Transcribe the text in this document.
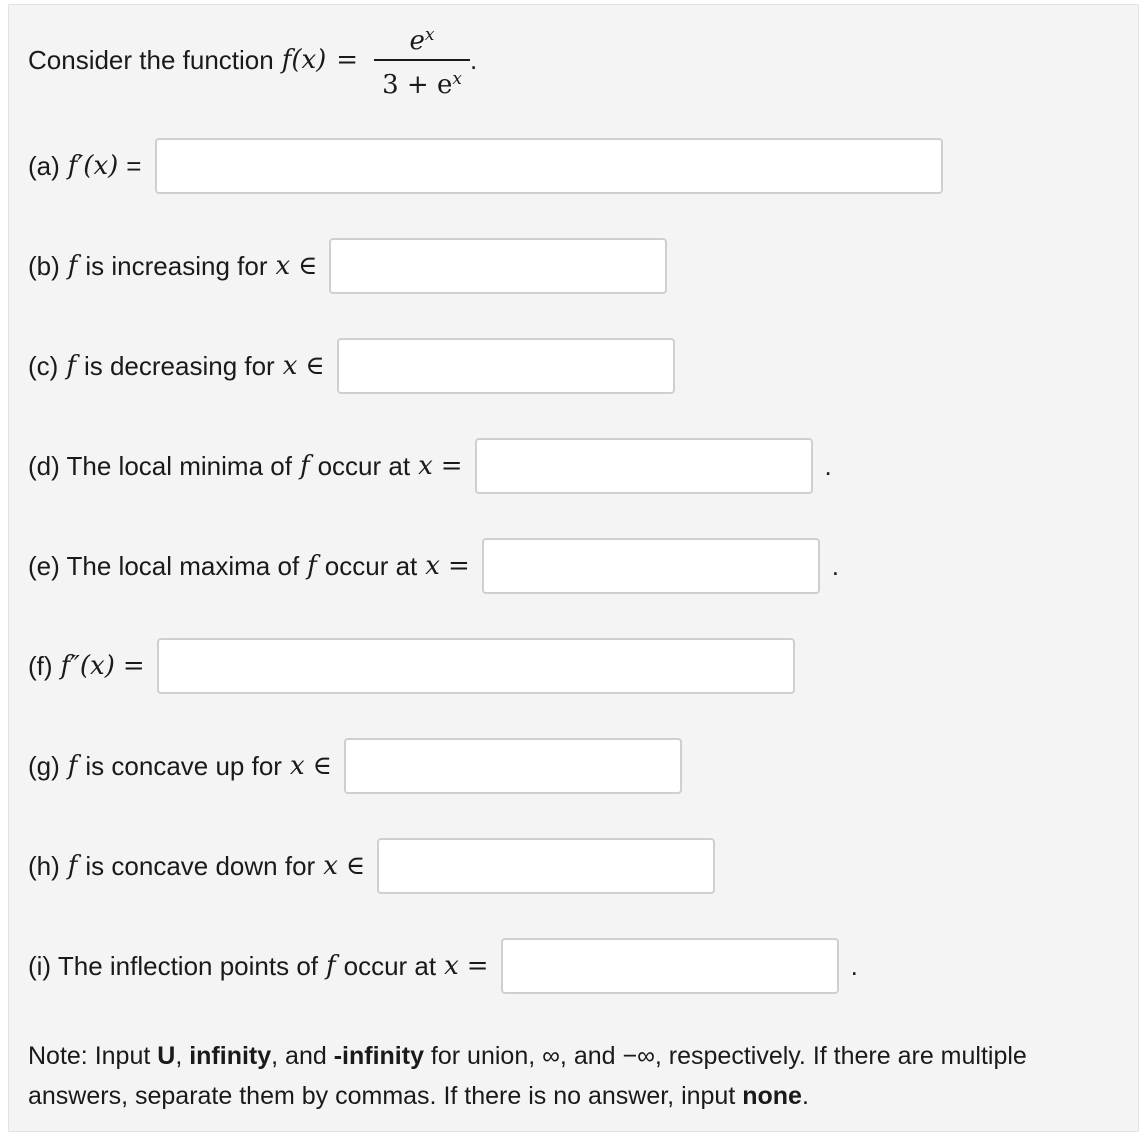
Consider the function $f(x) = \frac{e^x}{3 + e^x}$ .
(a) f′(x) =
(b) f is increasing for x ∈
(c) f is decreasing for x ∈
(d) The local minima of f occur at x =	.
(e) The local maxima of f occur at x =	.
(f) f″(x) =
(g) f is concave up for x ∈
(h) f is concave down for x ∈
(i) The inflection points of f occur at x =	.
Note: Input U, infinity, and -infinity for union, ∞, and −∞, respectively. If there are multiple answers, separate them by commas. If there is no answer, input none.
